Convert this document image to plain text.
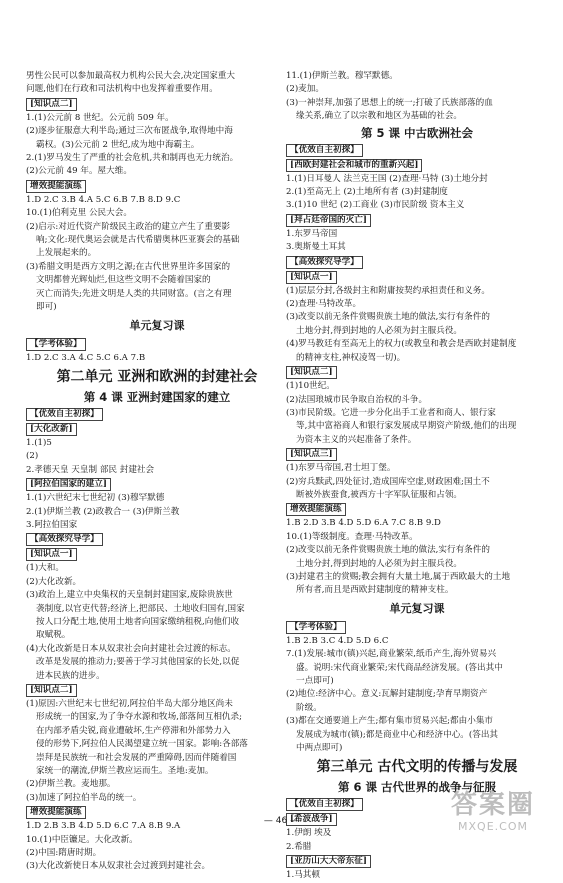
男性公民可以参加最高权力机构公民大会,决定国家重大
问题,他们在行政和司法机构中也发挥着重要作用。
[知识点二]
1.(1)公元前 8 世纪。公元前 509 年。
(2)逐步征服意大利半岛;通过三次布匿战争,取得地中海
霸权。(3)公元前 2 世纪,成为地中海霸主。
2.(1)罗马发生了严重的社会危机,共和制再也无力统治。
(2)公元前 49 年。屋大维。
增效提能演练
1.D 2.C 3.B 4.A 5.C 6.B 7.B 8.D 9.C
10.(1)伯利克里 公民大会。
(2)启示:对近代资产阶级民主政治的建立产生了重要影
响;文化:现代奥运会就是古代希腊奥林匹亚赛会的基础
上发展起来的。
(3)希腊文明是西方文明之源;在古代世界里许多国家的
文明都曾光辉灿烂,但这些文明不会随着国家的
灭亡而消失;先进文明是人类的共同财富。(言之有理
即可)
单元复习课
【学考体验】
1.D 2.C 3.A 4.C 5.C 6.A 7.B
第二单元 亚洲和欧洲的封建社会
第 4 课 亚洲封建国家的建立
【优效自主初探】
[大化改新]
1.(1)5
(2)
2.孝德天皇 天皇制 部民 封建社会
[阿拉伯国家的建立]
1.(1)六世纪末七世纪初 (3)穆罕默德
2.(1)伊斯兰教 (2)政教合一 (3)伊斯兰教
3.阿拉伯国家
【高效探究导学】
[知识点一]
(1)大和。
(2)大化改新。
(3)政治上,建立中央集权的天皇制封建国家,废除贵族世
袭制度,以官吏代替;经济上,把部民、土地收归国有,国家
按人口分配土地,使用土地者向国家缴纳租税,向他们收
取赋税。
(4)大化改新是日本从奴隶社会向封建社会过渡的标志。
改革是发展的推动力;要善于学习其他国家的长处,以促
进本民族的进步。
[知识点二]
(1)原因:六世纪末七世纪初,阿拉伯半岛大部分地区尚未
形成统一的国家,为了争夺水源和牧场,部落间互相仇杀;
在内部矛盾尖锐,商业遭破坏,生产停滞和外部势力入
侵的形势下,阿拉伯人民渴望建立统一国家。影响:各部落
崇拜是民族统一和社会发展的严重障碍,因而伴随着国
家统一的潮流,伊斯兰教应运而生。圣地:麦加。
(2)伊斯兰教。麦地那。
(3)加速了阿拉伯半岛的统一。
增效提能演练
1.D 2.B 3.B 4.D 5.D 6.C 7.A 8.B 9.A
10.(1)中臣镰足。大化改新。
(2)中国:隋唐时期。
(3)大化改新使日本从奴隶社会过渡到封建社会。
11.(1)伊斯兰教。穆罕默德。
(2)麦加。
(3)一神崇拜,加强了思想上的统一;打破了氏族部落的血
缘关系,确立了以宗教和地区为基础的社会。
第 5 课 中古欧洲社会
【优效自主初探】
[西欧封建社会和城市的重新兴起]
1.(1)日耳曼人 法兰克王国 (2)查理·马特 (3)土地分封
2.(1)至高无上 (2)土地所有者 (3)封建制度
3.(1)10 世纪 (2)工商业 (3)市民阶级 资本主义
[拜占廷帝国的灭亡]
1.东罗马帝国
3.奥斯曼土耳其
【高效探究导学】
[知识点一]
(1)层层分封,各级封主和附庸按契约承担责任和义务。
(2)查理·马特改革。
(3)改变以前无条件赏赐贵族土地的做法,实行有条件的
土地分封,得到封地的人必须为封主服兵役。
(4)罗马教廷有至高无上的权力(或教皇和教会是西欧封建制度
的精神支柱,神权凌驾一切)。
[知识点二]
(1)10世纪。
(2)法国琅城市民争取自治权的斗争。
(3)市民阶级。它进一步分化出手工业者和商人、银行家
等,其中富裕商人和银行家发展成早期资产阶级,他们的出现
为资本主义的兴起准备了条件。
[知识点三]
(1)东罗马帝国,君士坦丁堡。
(2)穷兵黩武,四处征讨,造成国库空虚,财政困难;国土不
断被外族蚕食,被西方十字军队征服和占领。
增效提能演练
1.B 2.D 3.B 4.D 5.D 6.A 7.C 8.B 9.D
10.(1)等级制度。查理·马特改革。
(2)改变以前无条件赏赐贵族土地的做法,实行有条件的
土地分封,得到封地的人必须为封主服兵役。
(3)封建君主的赏赐;教会拥有大量土地,属于西欧最大的土地
所有者,而且是西欧封建制度的精神支柱。
单元复习课
【学考体验】
1.B 2.B 3.C 4.D 5.D 6.C
7.(1)发展:城市(镇)兴起,商业繁荣,纸币产生,海外贸易兴
盛。说明:宋代商业繁荣;宋代商品经济发展。(答出其中
一点即可)
(2)地位:经济中心。意义:瓦解封建制度;孕育早期资产
阶级。
(3)都在交通要道上产生;都有集市贸易兴起;都由小集市
发展成为城市(镇);都是商业中心和经济中心。(答出其
中两点即可)
第三单元 古代文明的传播与发展
第 6 课 古代世界的战争与征服
【优效自主初探】
[希波战争]
1.伊朗 埃及
2.希腊
[亚历山大大帝东征]
1.马其顿
— 46 —
答案圈
MXQE.COM
